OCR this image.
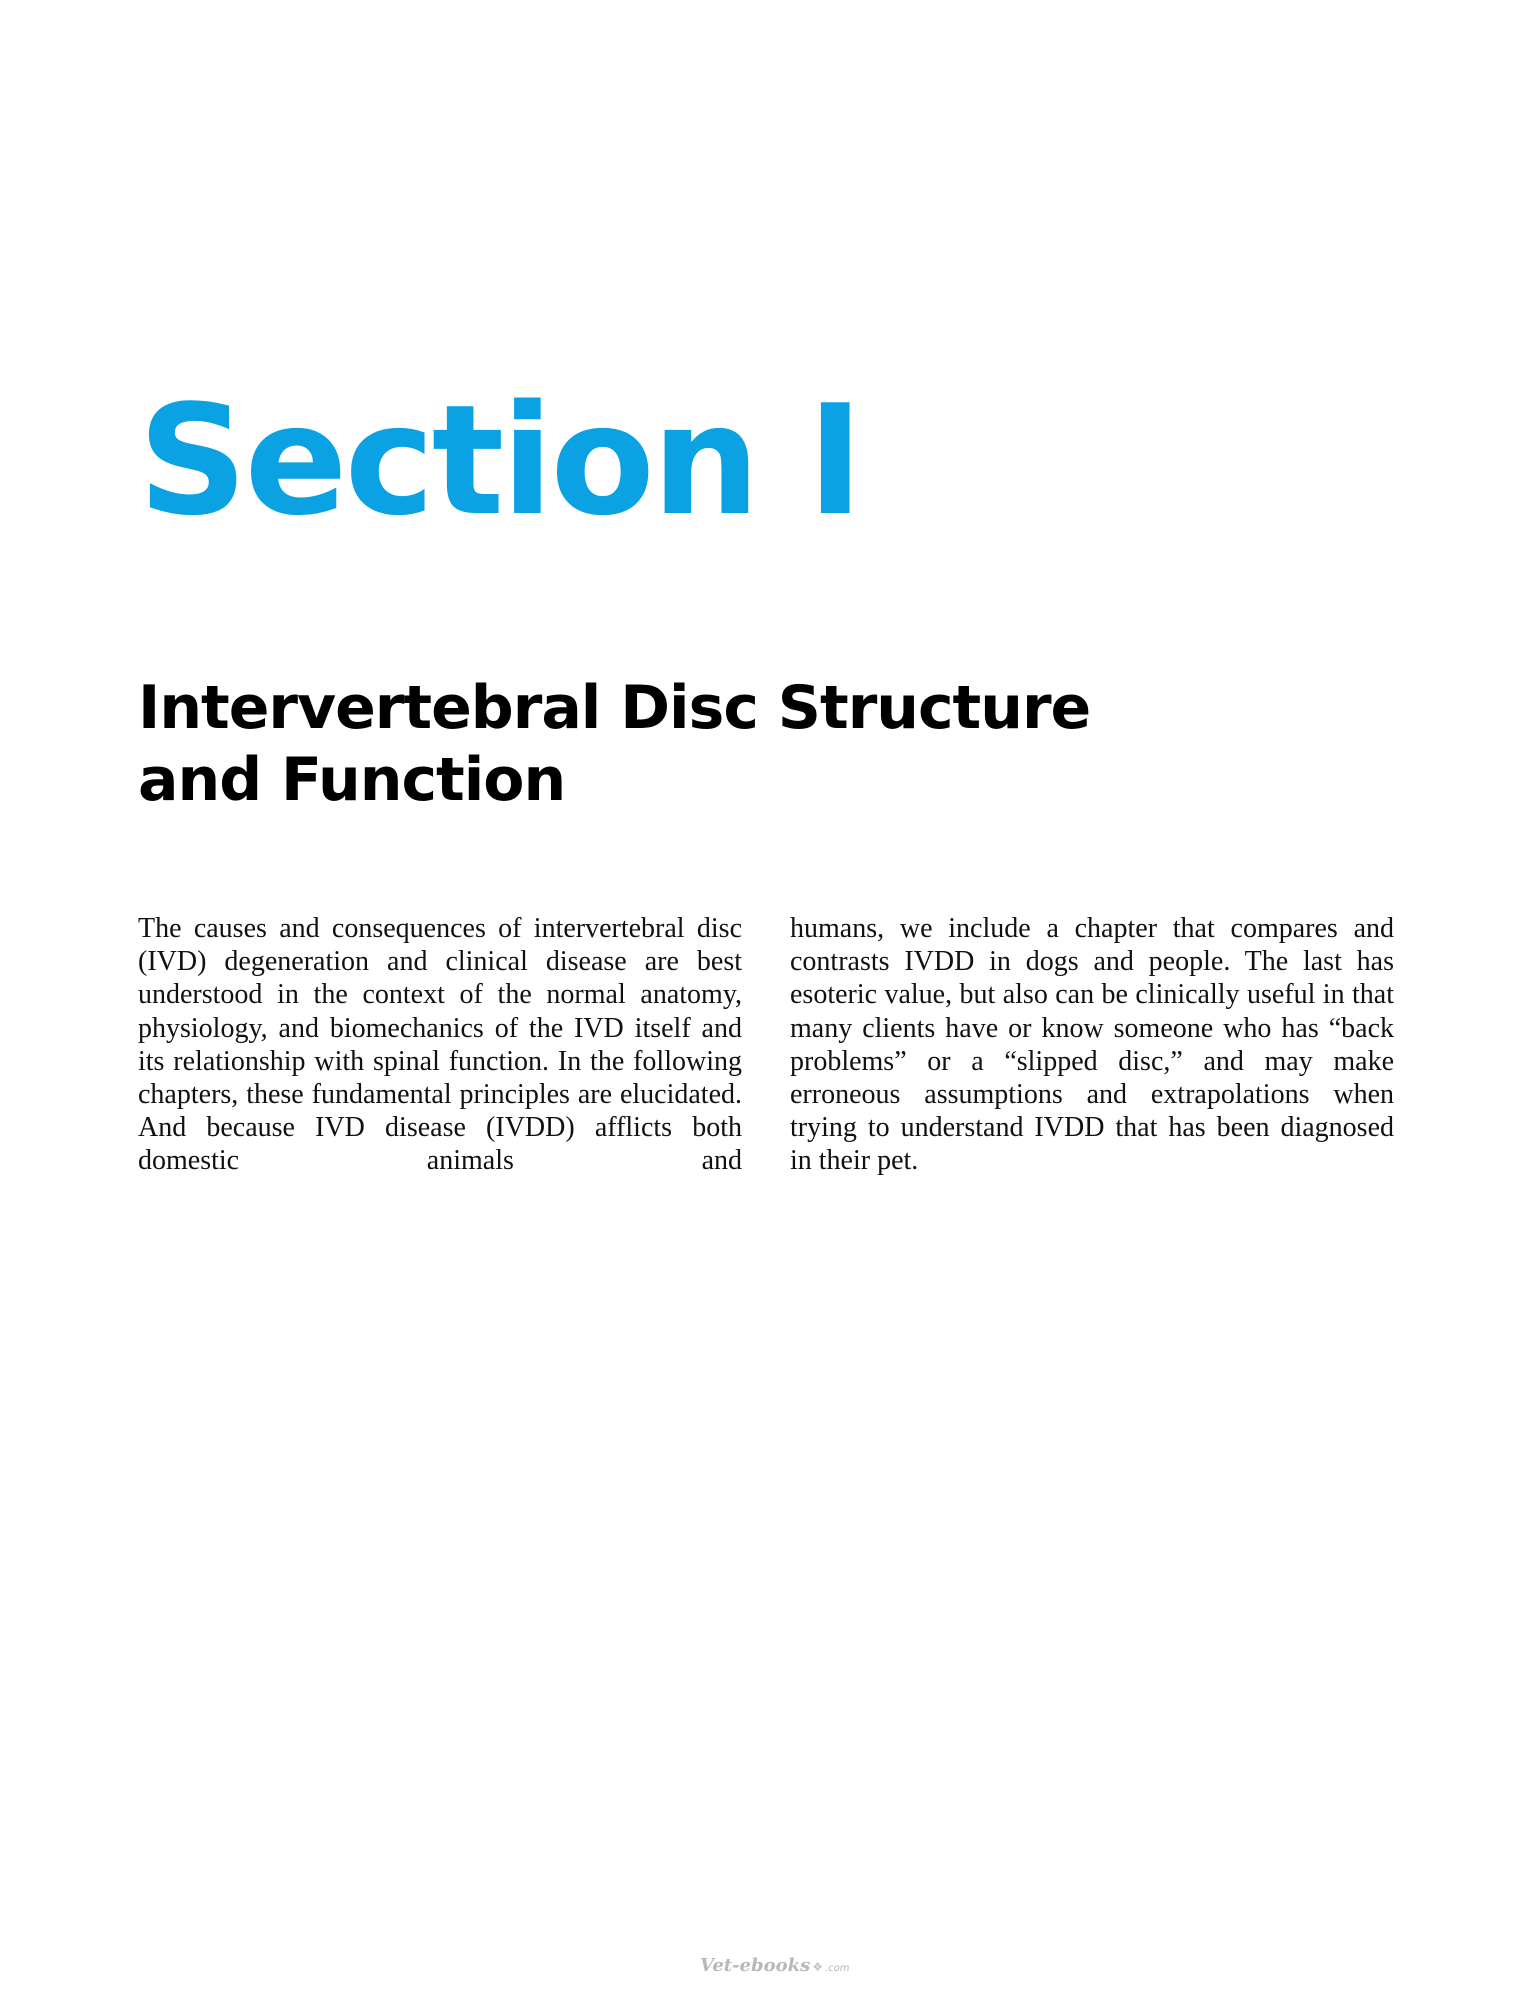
Section I
Intervertebral Disc Structure
and Function

The causes and consequences of intervertebral disc (IVD) degeneration and clinical disease are best understood in the context of the normal anatomy, physiology, and biomechanics of the IVD itself and its relationship with spinal function. In the following chapters, these fundamental principles are elucidated. And because IVD disease (IVDD) afflicts both domestic animals and

humans, we include a chapter that compares and contrasts IVDD in dogs and people. The last has esoteric value, but also can be clinically useful in that many clients have or know someone who has “back problems” or a “slipped disc,” and may make erroneous assumptions and extrapolations when trying to understand IVDD that has been diagnosed in their pet.

Vet-ebooks ❖ .com
